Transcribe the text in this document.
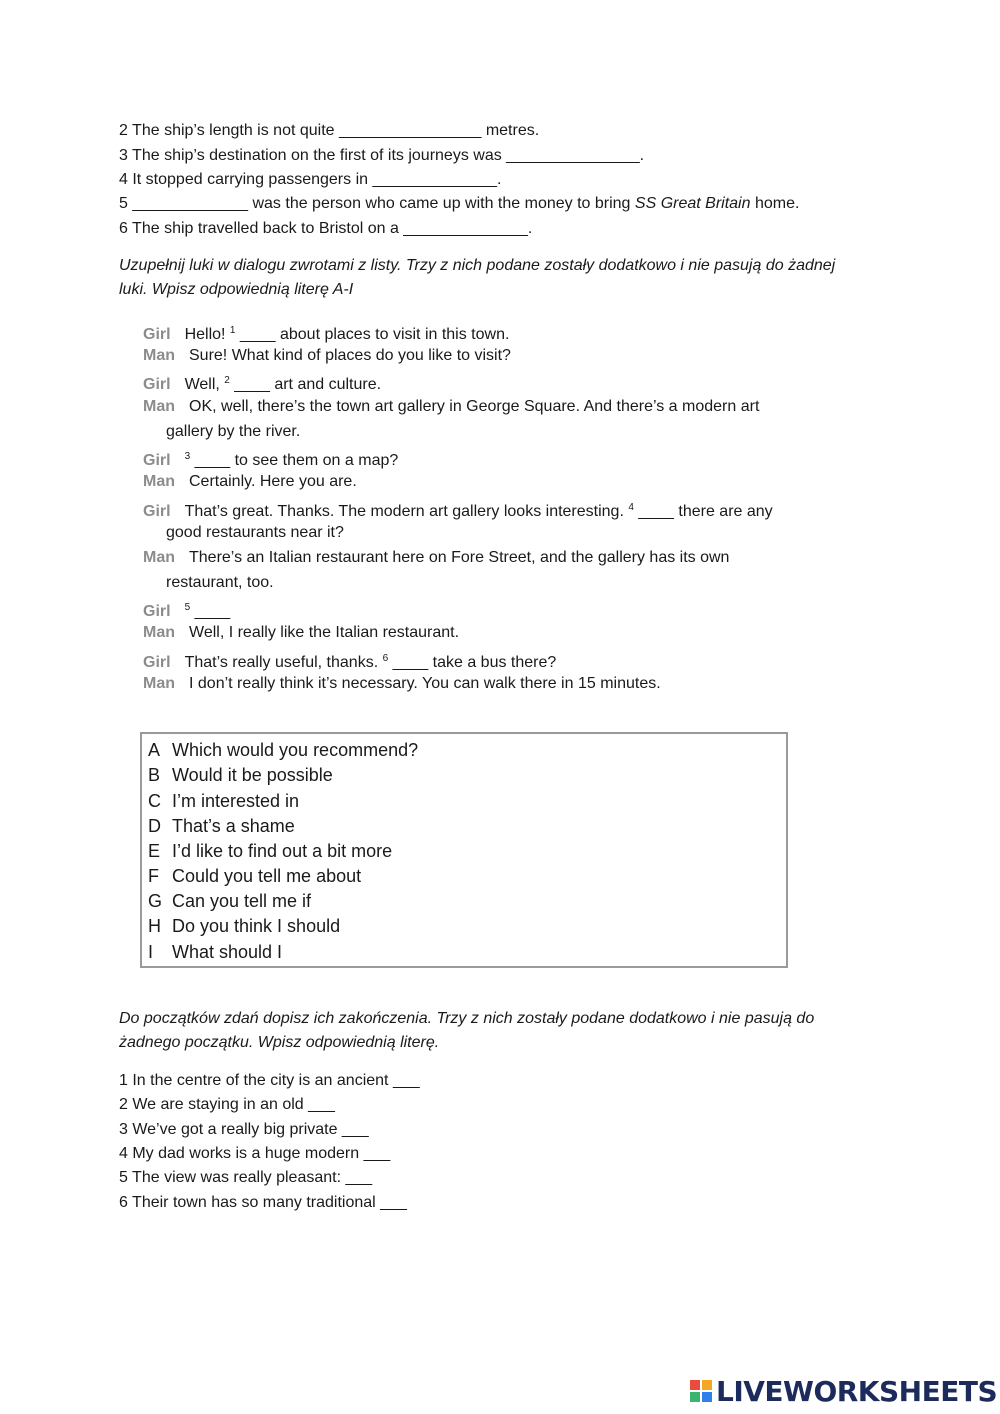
2 The ship’s length is not quite ________________ metres.
3 The ship’s destination on the first of its journeys was _______________.
4 It stopped carrying passengers in ______________.
5 _____________ was the person who came up with the money to bring SS Great Britain home.
6 The ship travelled back to Bristol on a ______________.
Uzupełnij luki w dialogu zwrotami z listy. Trzy z nich podane zostały dodatkowo i nie pasują do żadnej
luki. Wpisz odpowiednią literę A-I
Girl Hello! $^1$ ____ about places to visit in this town.
Man Sure! What kind of places do you like to visit?
Girl Well, $^2$ ____ art and culture.
Man OK, well, there’s the town art gallery in George Square. And there’s a modern art
gallery by the river.
Girl $^3$ ____ to see them on a map?
Man Certainly. Here you are.
Girl That’s great. Thanks. The modern art gallery looks interesting. $^4$ ____ there are any
good restaurants near it?
Man There’s an Italian restaurant here on Fore Street, and the gallery has its own
restaurant, too.
Girl $^5$ ____
Man Well, I really like the Italian restaurant.
Girl That’s really useful, thanks. $^6$ ____ take a bus there?
Man I don’t really think it’s necessary. You can walk there in 15 minutes.
A Which would you recommend?
B Would it be possible
C I’m interested in
D That’s a shame
E I’d like to find out a bit more
F Could you tell me about
G Can you tell me if
H Do you think I should
I What should I
Do początków zdań dopisz ich zakończenia. Trzy z nich zostały podane dodatkowo i nie pasują do
żadnego początku. Wpisz odpowiednią literę.
1 In the centre of the city is an ancient ___
2 We are staying in an old ___
3 We’ve got a really big private ___
4 My dad works is a huge modern ___
5 The view was really pleasant: ___
6 Their town has so many traditional ___
LIVEWORKSHEETS
